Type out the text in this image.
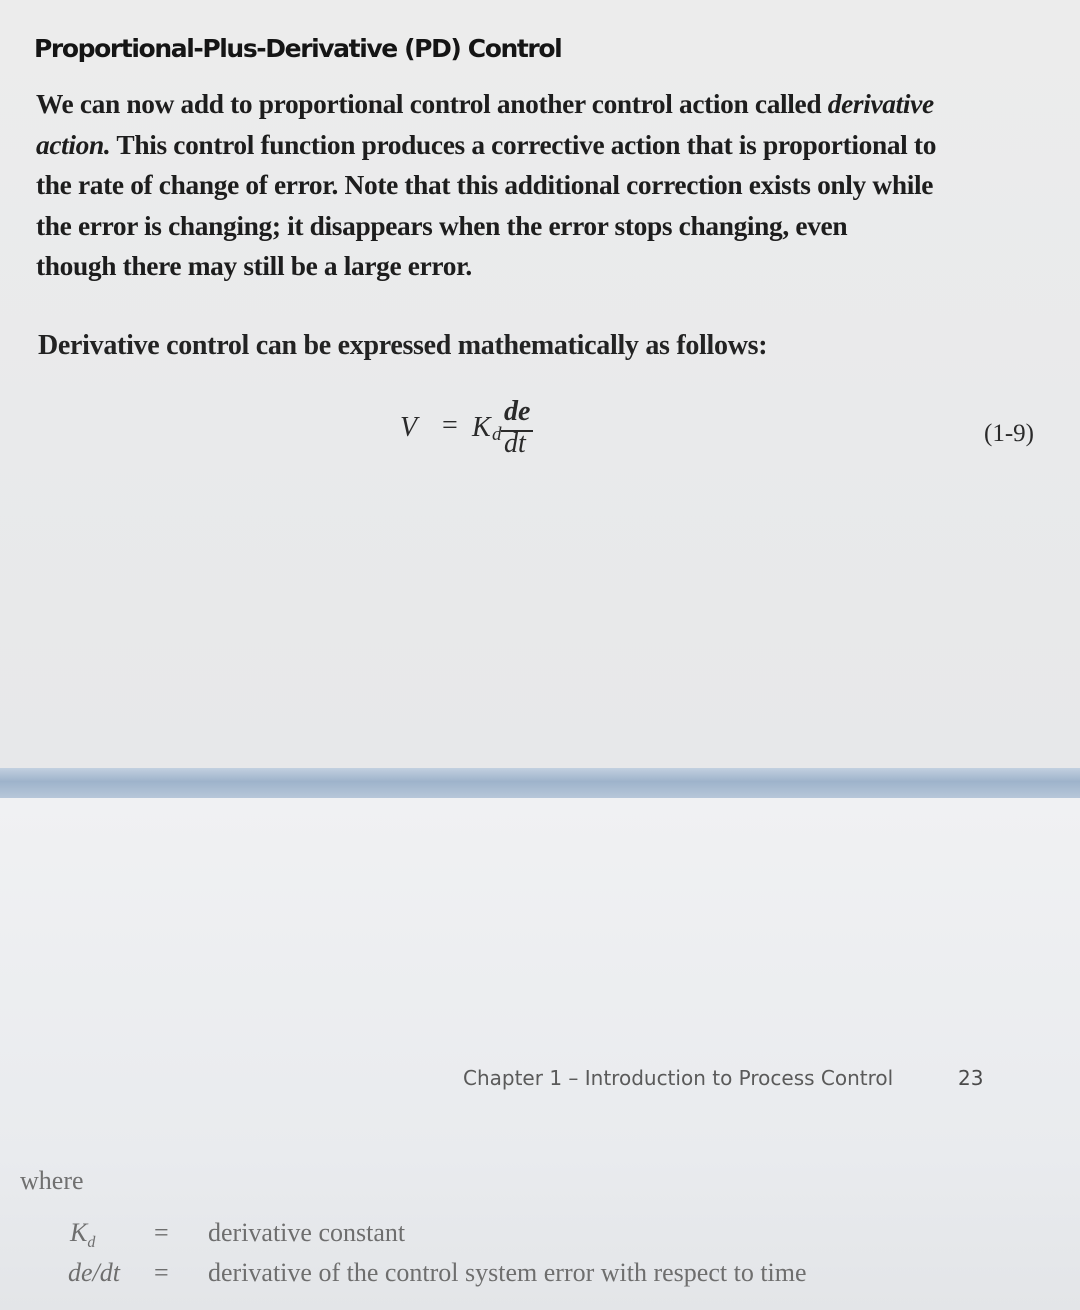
Proportional-Plus-Derivative (PD) Control
We can now add to proportional control another control action called derivative
action. This control function produces a corrective action that is proportional to
the rate of change of error. Note that this additional correction exists only while
the error is changing; it disappears when the error stops changing, even
though there may still be a large error.
Derivative control can be expressed mathematically as follows:
V = K d
de
dt	(1-9)
Chapter 1 – Introduction to Process Control	23
where
$K_d$ = derivative constant
de/dt = derivative of the control system error with respect to time
